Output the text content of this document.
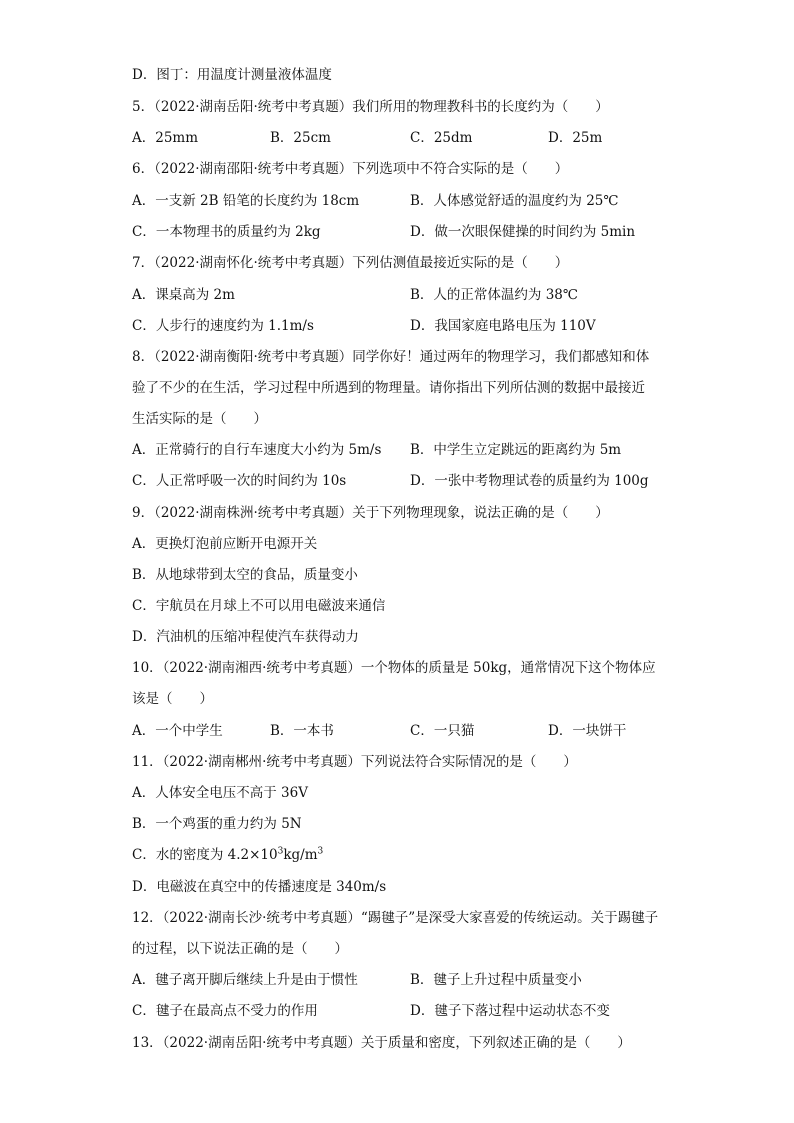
D．图丁：用温度计测量液体温度
5．（2022·湖南岳阳·统考中考真题）我们所用的物理教科书的长度约为（　　）
A．25mm	B．25cm	C．25dm	D．25m
6．（2022·湖南邵阳·统考中考真题）下列选项中不符合实际的是（　　）
A．一支新 2B 铅笔的长度约为 18cm	B．人体感觉舒适的温度约为 25℃
C．一本物理书的质量约为 2kg	D．做一次眼保健操的时间约为 5min
7．（2022·湖南怀化·统考中考真题）下列估测值最接近实际的是（　　）
A．课桌高为 2m	B．人的正常体温约为 38℃
C．人步行的速度约为 1.1m/s	D．我国家庭电路电压为 110V
8．（2022·湖南衡阳·统考中考真题）同学你好！通过两年的物理学习，我们都感知和体
验了不少的在生活，学习过程中所遇到的物理量。请你指出下列所估测的数据中最接近
生活实际的是（　　）
A．正常骑行的自行车速度大小约为 5m/s B．中学生立定跳远的距离约为 5m
C．人正常呼吸一次的时间约为 10s	D．一张中考物理试卷的质量约为 100g
9．（2022·湖南株洲·统考中考真题）关于下列物理现象，说法正确的是（　　）
A．更换灯泡前应断开电源开关
B．从地球带到太空的食品，质量变小
C．宇航员在月球上不可以用电磁波来通信
D．汽油机的压缩冲程使汽车获得动力
10．（2022·湖南湘西·统考中考真题）一个物体的质量是 50kg，通常情况下这个物体应
该是（　　）
A．一个中学生	B．一本书	C．一只猫	D．一块饼干
11．（2022·湖南郴州·统考中考真题）下列说法符合实际情况的是（　　）
A．人体安全电压不高于 36V
B．一个鸡蛋的重力约为 5N
C．水的密度为 $4.2\times 10^3kg/m^3$
D．电磁波在真空中的传播速度是 340m/s
12．（2022·湖南长沙·统考中考真题）“踢毽子”是深受大家喜爱的传统运动。关于踢毽子
的过程，以下说法正确的是（　　）
A．毽子离开脚后继续上升是由于惯性	B．毽子上升过程中质量变小
C．毽子在最高点不受力的作用	D．毽子下落过程中运动状态不变
13．（2022·湖南岳阳·统考中考真题）关于质量和密度，下列叙述正确的是（　　）
